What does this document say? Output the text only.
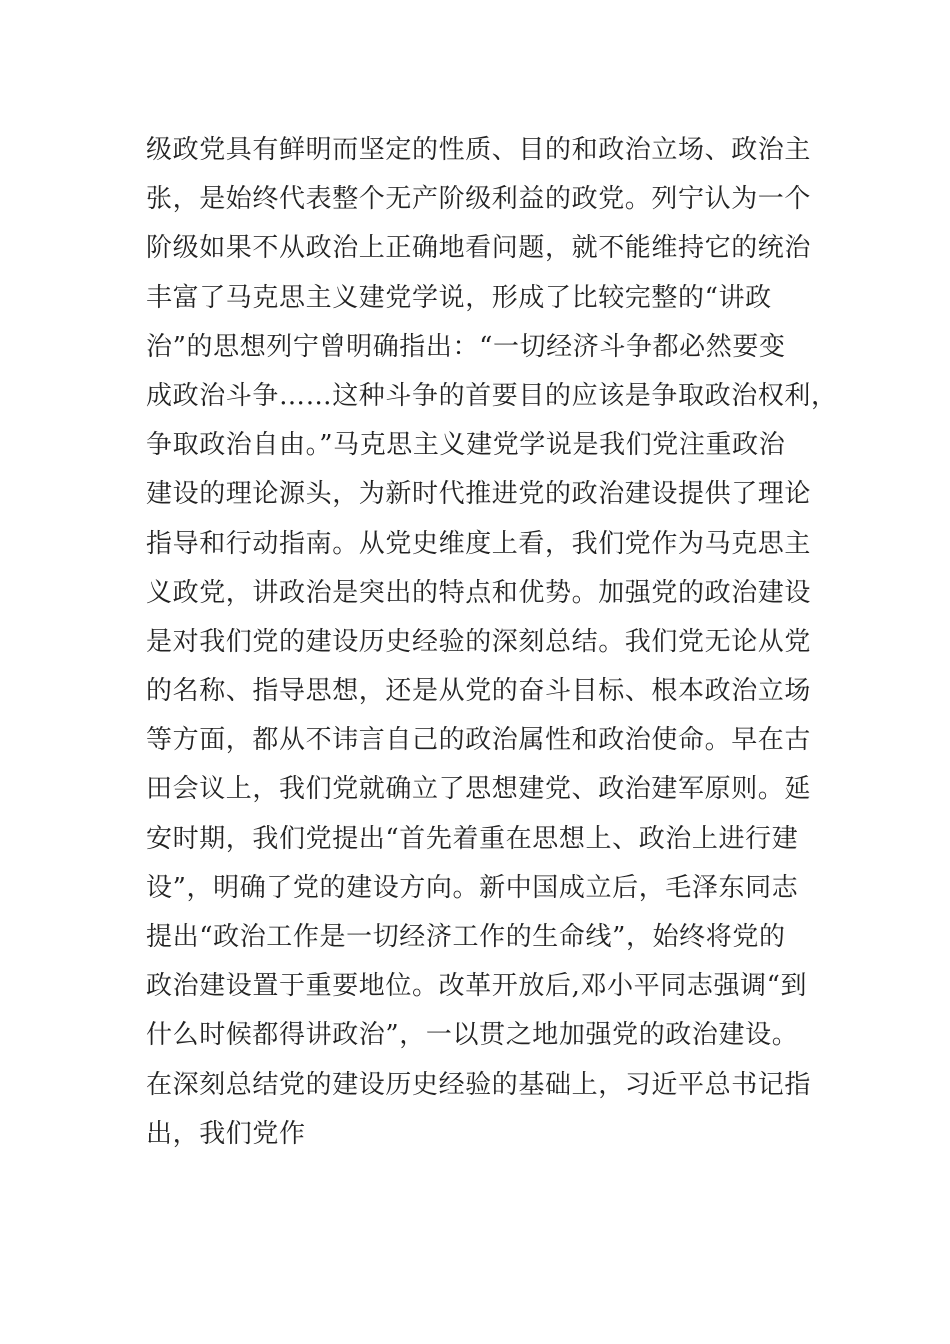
级政党具有鲜明而坚定的性质、目的和政治立场、政治主
张，是始终代表整个无产阶级利益的政党。列宁认为一个
阶级如果不从政治上正确地看问题，就不能维持它的统治
丰富了马克思主义建党学说，形成了比较完整的“讲政
治”的思想列宁曾明确指出：“一切经济斗争都必然要变
成政治斗争……这种斗争的首要目的应该是争取政治权利，
争取政治自由。”马克思主义建党学说是我们党注重政治
建设的理论源头，为新时代推进党的政治建设提供了理论
指导和行动指南。从党史维度上看，我们党作为马克思主
义政党，讲政治是突出的特点和优势。加强党的政治建设
是对我们党的建设历史经验的深刻总结。我们党无论从党
的名称、指导思想，还是从党的奋斗目标、根本政治立场
等方面，都从不讳言自己的政治属性和政治使命。早在古
田会议上，我们党就确立了思想建党、政治建军原则。延
安时期，我们党提出“首先着重在思想上、政治上进行建
设”，明确了党的建设方向。新中国成立后，毛泽东同志
提出“政治工作是一切经济工作的生命线”，始终将党的
政治建设置于重要地位。改革开放后,邓小平同志强调“到
什么时候都得讲政治”，一以贯之地加强党的政治建设。
在深刻总结党的建设历史经验的基础上，习近平总书记指
出，我们党作
